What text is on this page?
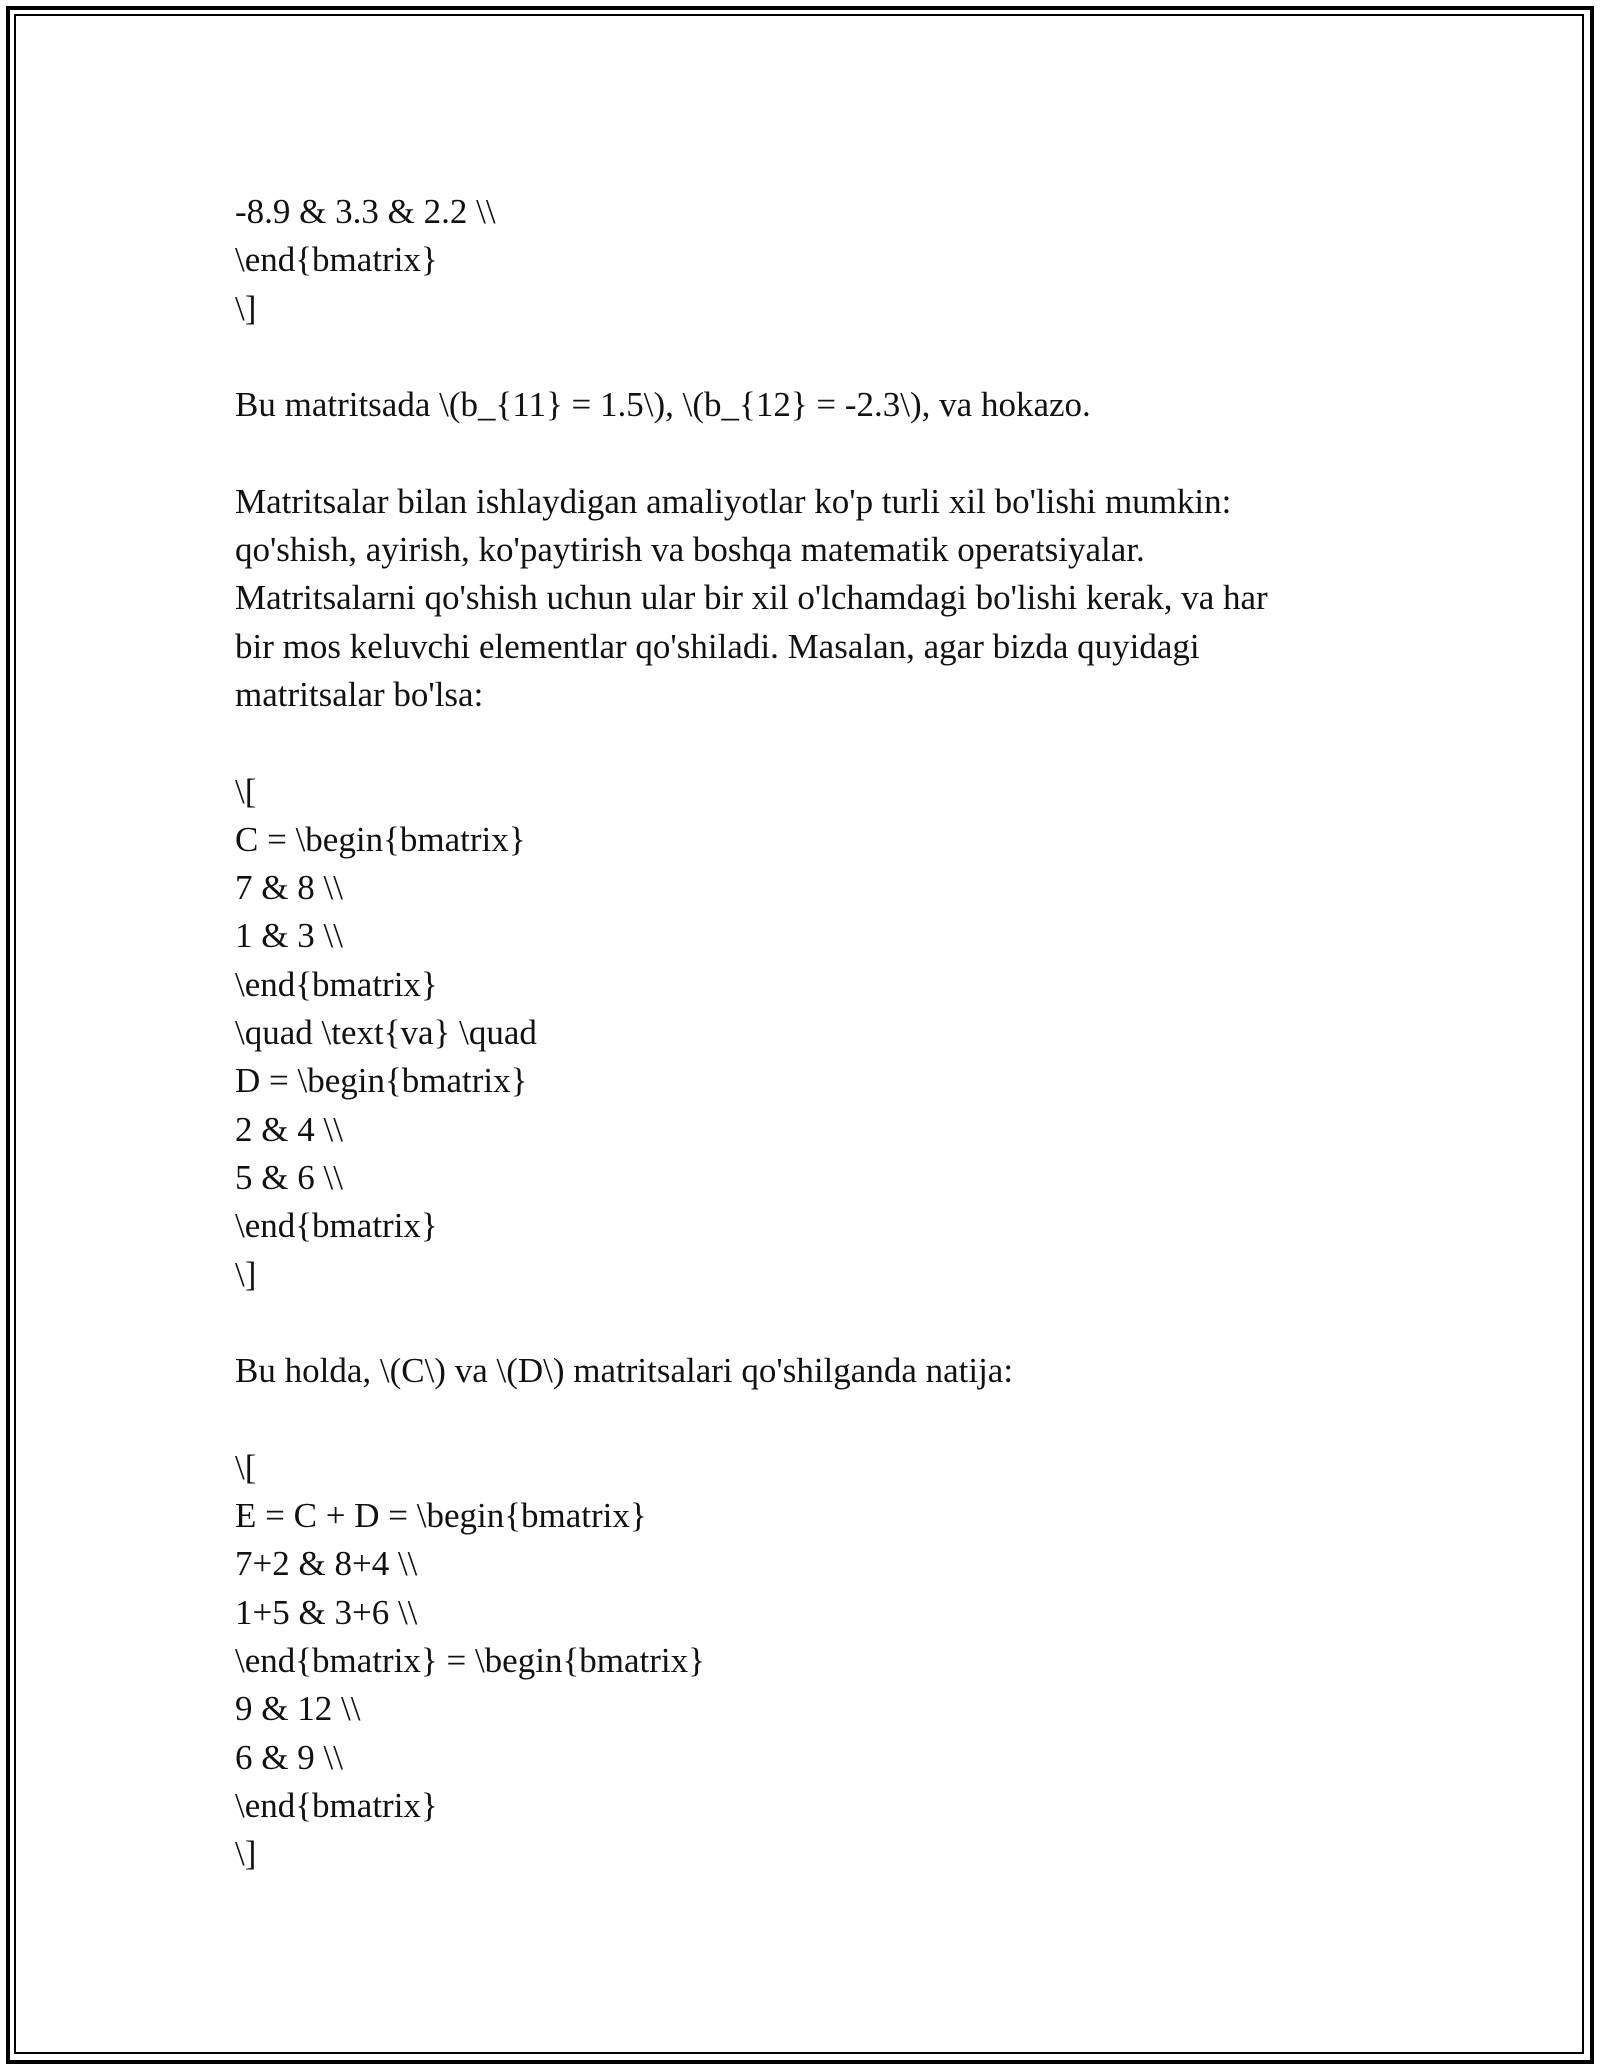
-8.9 & 3.3 & 2.2 \\
\end{bmatrix}
\]
Bu matritsada \(b_{11} = 1.5\), \(b_{12} = -2.3\), va hokazo.
Matritsalar bilan ishlaydigan amaliyotlar ko'p turli xil bo'lishi mumkin:
qo'shish, ayirish, ko'paytirish va boshqa matematik operatsiyalar.
Matritsalarni qo'shish uchun ular bir xil o'lchamdagi bo'lishi kerak, va har
bir mos keluvchi elementlar qo'shiladi. Masalan, agar bizda quyidagi
matritsalar bo'lsa:
\[
C = \begin{bmatrix}
7 & 8 \\
1 & 3 \\
\end{bmatrix}
\quad \text{va} \quad
D = \begin{bmatrix}
2 & 4 \\
5 & 6 \\
\end{bmatrix}
\]
Bu holda, \(C\) va \(D\) matritsalari qo'shilganda natija:
\[
E = C + D = \begin{bmatrix}
7+2 & 8+4 \\
1+5 & 3+6 \\
\end{bmatrix} = \begin{bmatrix}
9 & 12 \\
6 & 9 \\
\end{bmatrix}
\]
